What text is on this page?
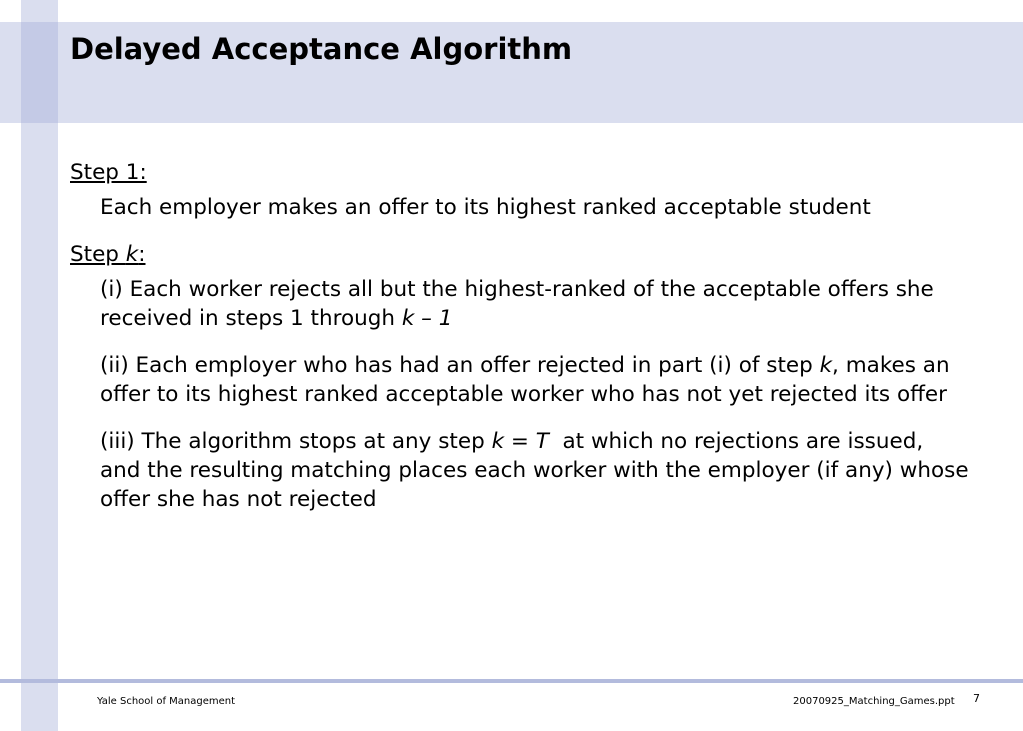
Delayed Acceptance Algorithm

Step 1:

Each employer makes an offer to its highest ranked acceptable student

Step k:

(i) Each worker rejects all but the highest-ranked of the acceptable offers she received in steps 1 through k – 1

(ii) Each employer who has had an offer rejected in part (i) of step k, makes an offer to its highest ranked acceptable worker who has not yet rejected its offer

(iii) The algorithm stops at any step k = T  at which no rejections are issued, and the resulting matching places each worker with the employer (if any) whose offer she has not rejected

Yale School of Management	20070925_Matching_Games.ppt 7
